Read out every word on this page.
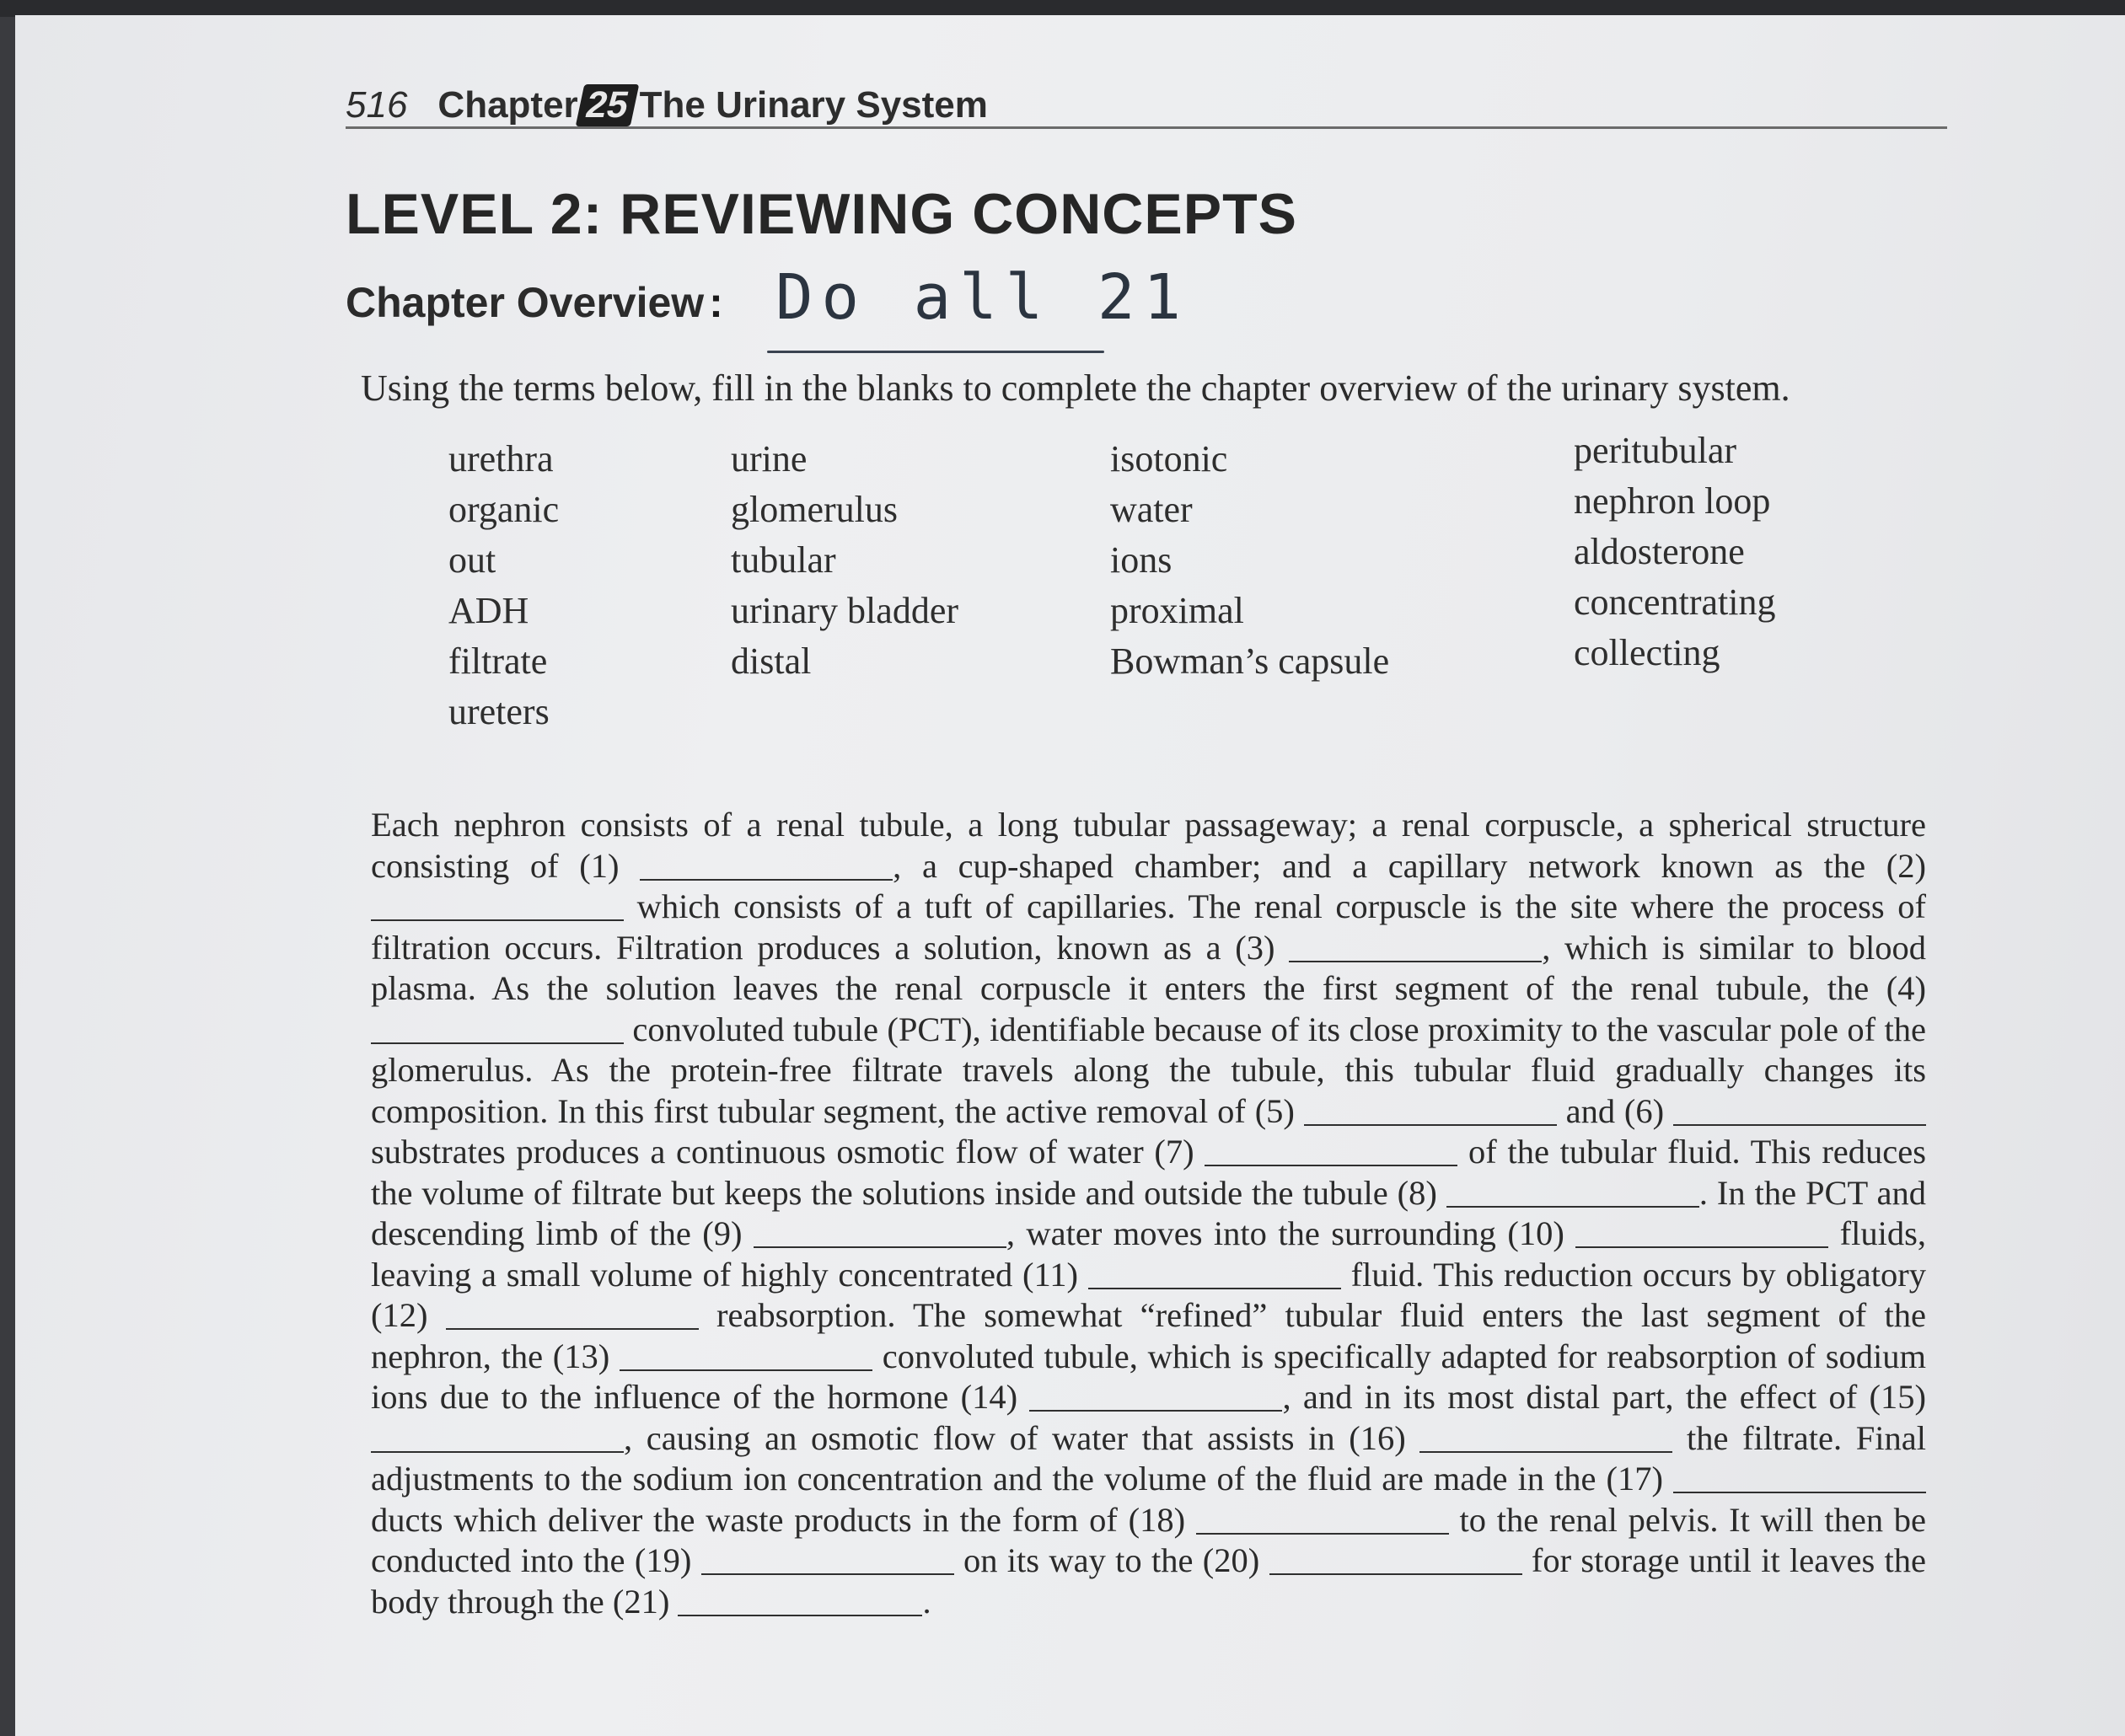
516 Chapter 25 The Urinary System
LEVEL 2: REVIEWING CONCEPTS
Chapter Overview : Do all 21
Using the terms below, fill in the blanks to complete the chapter overview of the urinary system.
urethra
organic
out
ADH
filtrate
ureters
urine
glomerulus
tubular
urinary bladder
distal
isotonic
water
ions
proximal
Bowman’s capsule
peritubular
nephron loop
aldosterone
concentrating
collecting
Each nephron consists of a renal tubule, a long tubular passageway; a renal corpuscle, a spherical structure consisting of (1)	, a cup-shaped chamber; and a capillary network known as the (2)  which consists of a tuft of capillaries. The renal corpuscle is the site where the process of filtration occurs. Filtration produces a solution, known as a (3)	, which is similar to blood plasma. As the solution leaves the renal corpuscle it enters the first segment of the renal tubule, the (4)  convoluted tubule (PCT), identifiable because of its close proximity to the vascular pole of the glomerulus. As the protein-free filtrate travels along the tubule, this tubular fluid gradually changes its composition. In this first tubular segment, the active removal of (5)	and (6)  substrates produces a continuous osmotic flow of water (7)	of the tubular fluid. This reduces the volume of filtrate but keeps the solutions inside and outside the tubule (8)	. In the PCT and descending limb of the (9)	, water moves into the surrounding (10)	fluids, leaving a small volume of highly concentrated (11)	fluid. This reduction occurs by obligatory (12)	reabsorption. The somewhat “refined” tubular fluid enters the last segment of the nephron, the (13)	convoluted tubule, which is specifically adapted for reabsorption of sodium ions due to the influence of the hormone (14)	, and in its most distal part, the effect of (15) , causing an osmotic flow of water that assists in (16)	the filtrate. Final adjustments to the sodium ion concentration and the volume of the fluid are made in the (17)  ducts which deliver the waste products in the form of (18)	to the renal pelvis. It will then be conducted into the (19)	on its way to the (20)	for storage until it leaves the body through the (21)	.
